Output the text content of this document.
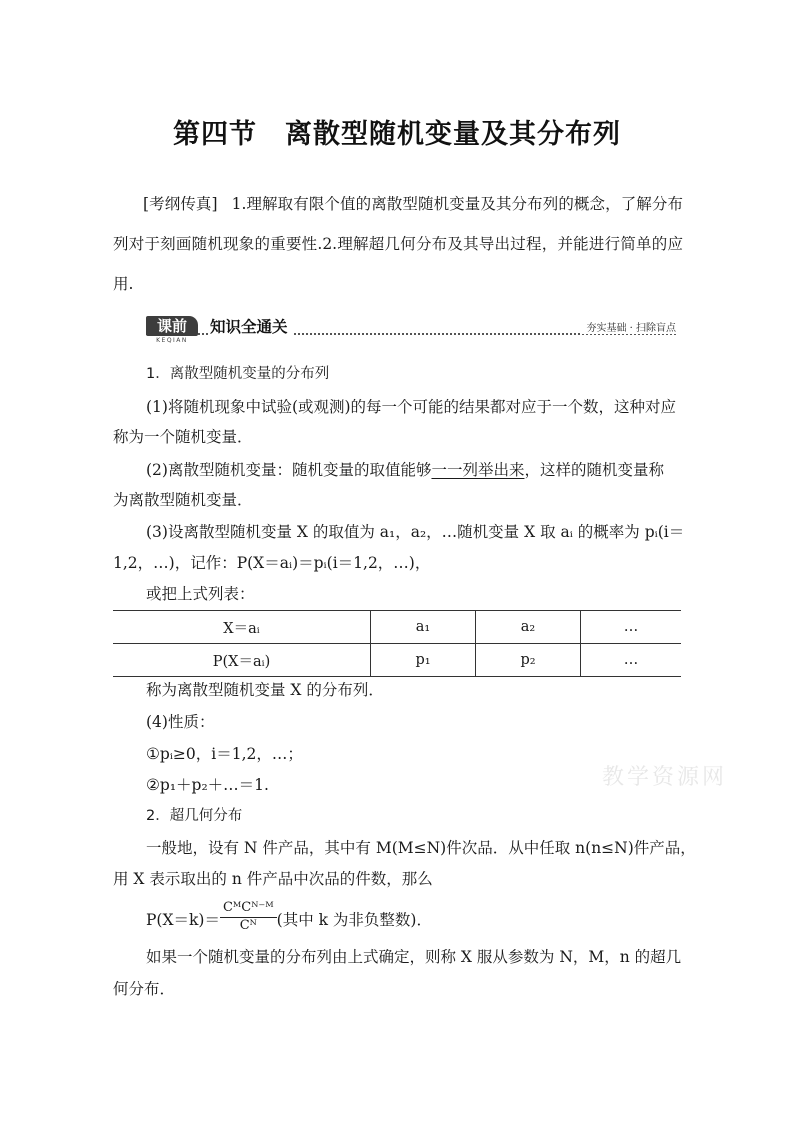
第四节　离散型随机变量及其分布列
[考纲传真] 1.理解取有限个值的离散型随机变量及其分布列的概念，了解分布列对于刻画随机现象的重要性.2.理解超几何分布及其导出过程，并能进行简单的应用.
课前
KEQIAN
知识全通关	夯实基础 · 扫除盲点
1．离散型随机变量的分布列
(1)将随机现象中试验(或观测)的每一个可能的结果都对应于一个数，这种对应
称为一个随机变量．
(2)离散型随机变量：随机变量的取值能够一一列举出来，这样的随机变量称
为离散型随机变量．
(3)设离散型随机变量 X 的取值为 a₁，a₂，…随机变量 X 取 aᵢ 的概率为 pᵢ(i＝
1,2，…)，记作：P(X＝aᵢ)＝pᵢ(i＝1,2，…)，
或把上式列表：
X＝aᵢ	a₁	a₂	…
P(X＝aᵢ)	p₁	p₂	…
称为离散型随机变量 X 的分布列．
(4)性质：
①pᵢ≥0，i＝1,2，…；
②p₁＋p₂＋…＝1.	教学资源网
2．超几何分布
一般地，设有 N 件产品，其中有 M(M≤N)件次品．从中任取 n(n≤N)件产品，
用 X 表示取出的 n 件产品中次品的件数，那么
$P(X=k)= \frac{\text{CᴹCᴺ⁻ᴹ}}{\text{Cᴺ}}$ (其中 k 为非负整数)．
如果一个随机变量的分布列由上式确定，则称 X 服从参数为 N，M，n 的超几
何分布．
